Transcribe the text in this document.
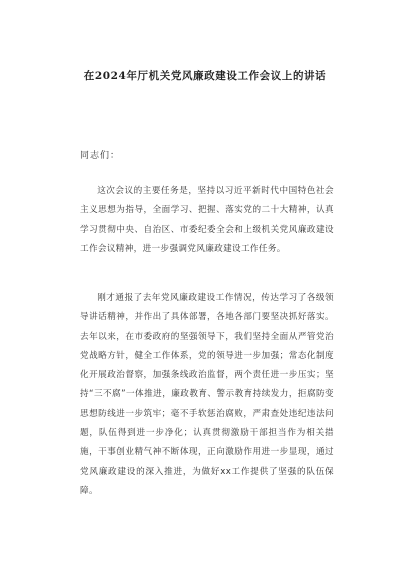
在2024年厅机关党风廉政建设工作会议上的讲话
同志们：

这次会议的主要任务是，坚持以习近平新时代中国特色社会主义思想为指导，全面学习、把握、落实党的二十大精神，认真学习贯彻中央、自治区、市委纪委全会和上级机关党风廉政建设工作会议精神，进一步强调党风廉政建设工作任务。

刚才通报了去年党风廉政建设工作情况，传达学习了各级领导讲话精神，并作出了具体部署，各地各部门要坚决抓好落实。去年以来，在市委政府的坚强领导下，我们坚持全面从严管党治党战略方针，健全工作体系，党的领导进一步加强；常态化制度化开展政治督察，加强条线政治监督，两个责任进一步压实；坚持“三不腐”一体推进，廉政教育、警示教育持续发力，拒腐防变思想防线进一步筑牢；毫不手软惩治腐败，严肃查处违纪违法问题，队伍得到进一步净化；认真贯彻激励干部担当作为相关措施，干事创业精气神不断体现，正向激励作用进一步显现，通过党风廉政建设的深入推进，为做好xx工作提供了坚强的队伍保障。
